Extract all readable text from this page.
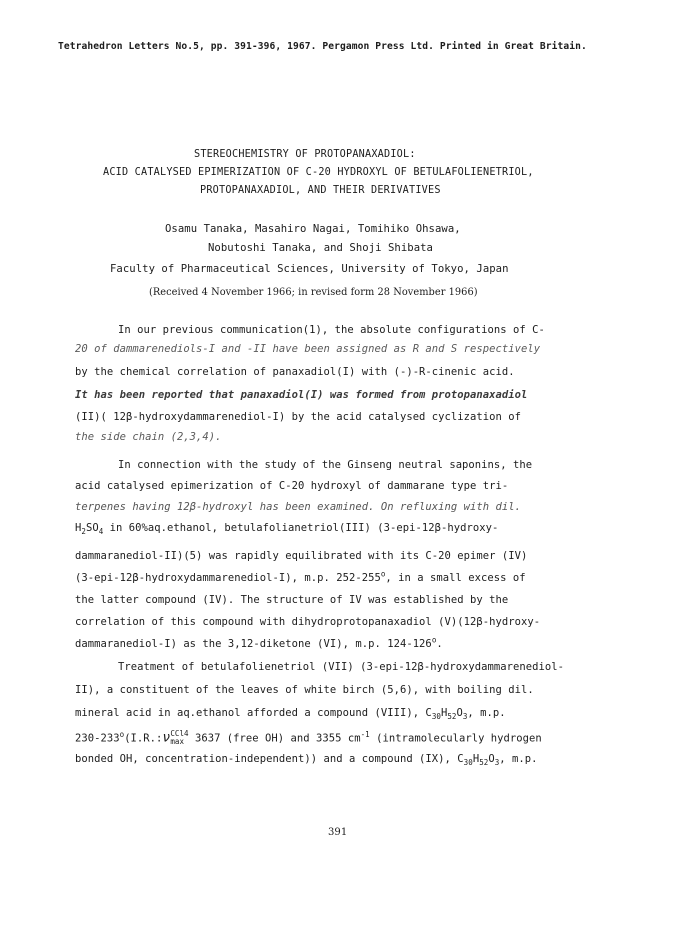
Tetrahedron Letters No.5, pp. 391-396, 1967. Pergamon Press Ltd. Printed in Great Britain.
STEREOCHEMISTRY OF PROTOPANAXADIOL:
ACID CATALYSED EPIMERIZATION OF C-20 HYDROXYL OF BETULAFOLIENETRIOL,
PROTOPANAXADIOL, AND THEIR DERIVATIVES
Osamu Tanaka, Masahiro Nagai, Tomihiko Ohsawa,
Nobutoshi Tanaka, and Shoji Shibata
Faculty of Pharmaceutical Sciences, University of Tokyo, Japan
(Received 4 November 1966; in revised form 28 November 1966)
In our previous communication(1), the absolute configurations of C-
20 of dammarenediols-I and -II have been assigned as R and S respectively
by the chemical correlation of panaxadiol(I) with (-)-R-cinenic acid.
It has been reported that panaxadiol(I) was formed from protopanaxadiol
(II)( 12β-hydroxydammarenediol-I) by the acid catalysed cyclization of
the side chain (2,3,4).
In connection with the study of the Ginseng neutral saponins, the
acid catalysed epimerization of C-20 hydroxyl of dammarane type tri-
terpenes having 12β-hydroxyl has been examined. On refluxing with dil.
$H_2SO_4$ in 60%aq.ethanol, betulafolianetriol(III) (3-epi-12β-hydroxy-
dammaranediol-II)(5) was rapidly equilibrated with its C-20 epimer (IV)
(3-epi-12β-hydroxydammarenediol-I), m.p. 252-255$^o$, in a small excess of
the latter compound (IV). The structure of IV was established by the
correlation of this compound with dihydroprotopanaxadiol (V)(12β-hydroxy-
dammaranediol-I) as the 3,12-diketone (VI), m.p. 124-126$^o$.
Treatment of betulafolienetriol (VII) (3-epi-12β-hydroxydammarenediol-
II), a constituent of the leaves of white birch (5,6), with boiling dil.
mineral acid in aq.ethanol afforded a compound (VIII), $C_{30}H_{52}O_3$, m.p.
230-233$^o$(I.R.:ν CCl4
max 3637 (free OH) and 3355 $cm^{-1}$ (intramolecularly hydrogen
bonded OH, concentration-independent)) and a compound (IX), $C_{30}H_{52}O_3$, m.p.
391
